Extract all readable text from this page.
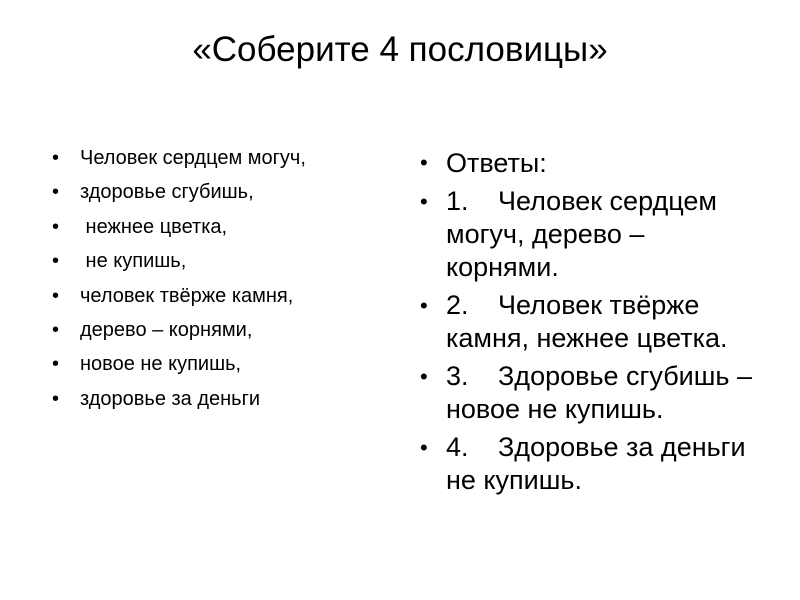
«Соберите 4 пословицы»
• Человек сердцем могуч,
• здоровье сгубишь,
• нежнее цветка,
• не купишь,
• человек твёрже камня,
• дерево – корнями,
• новое не купишь,
• здоровье за деньги
• Ответы:
• 1. Человек сердцем могуч, дерево – корнями.
• 2. Человек твёрже камня, нежнее цветка.
• 3. Здоровье сгубишь – новое не купишь.
• 4. Здоровье за деньги не купишь.
